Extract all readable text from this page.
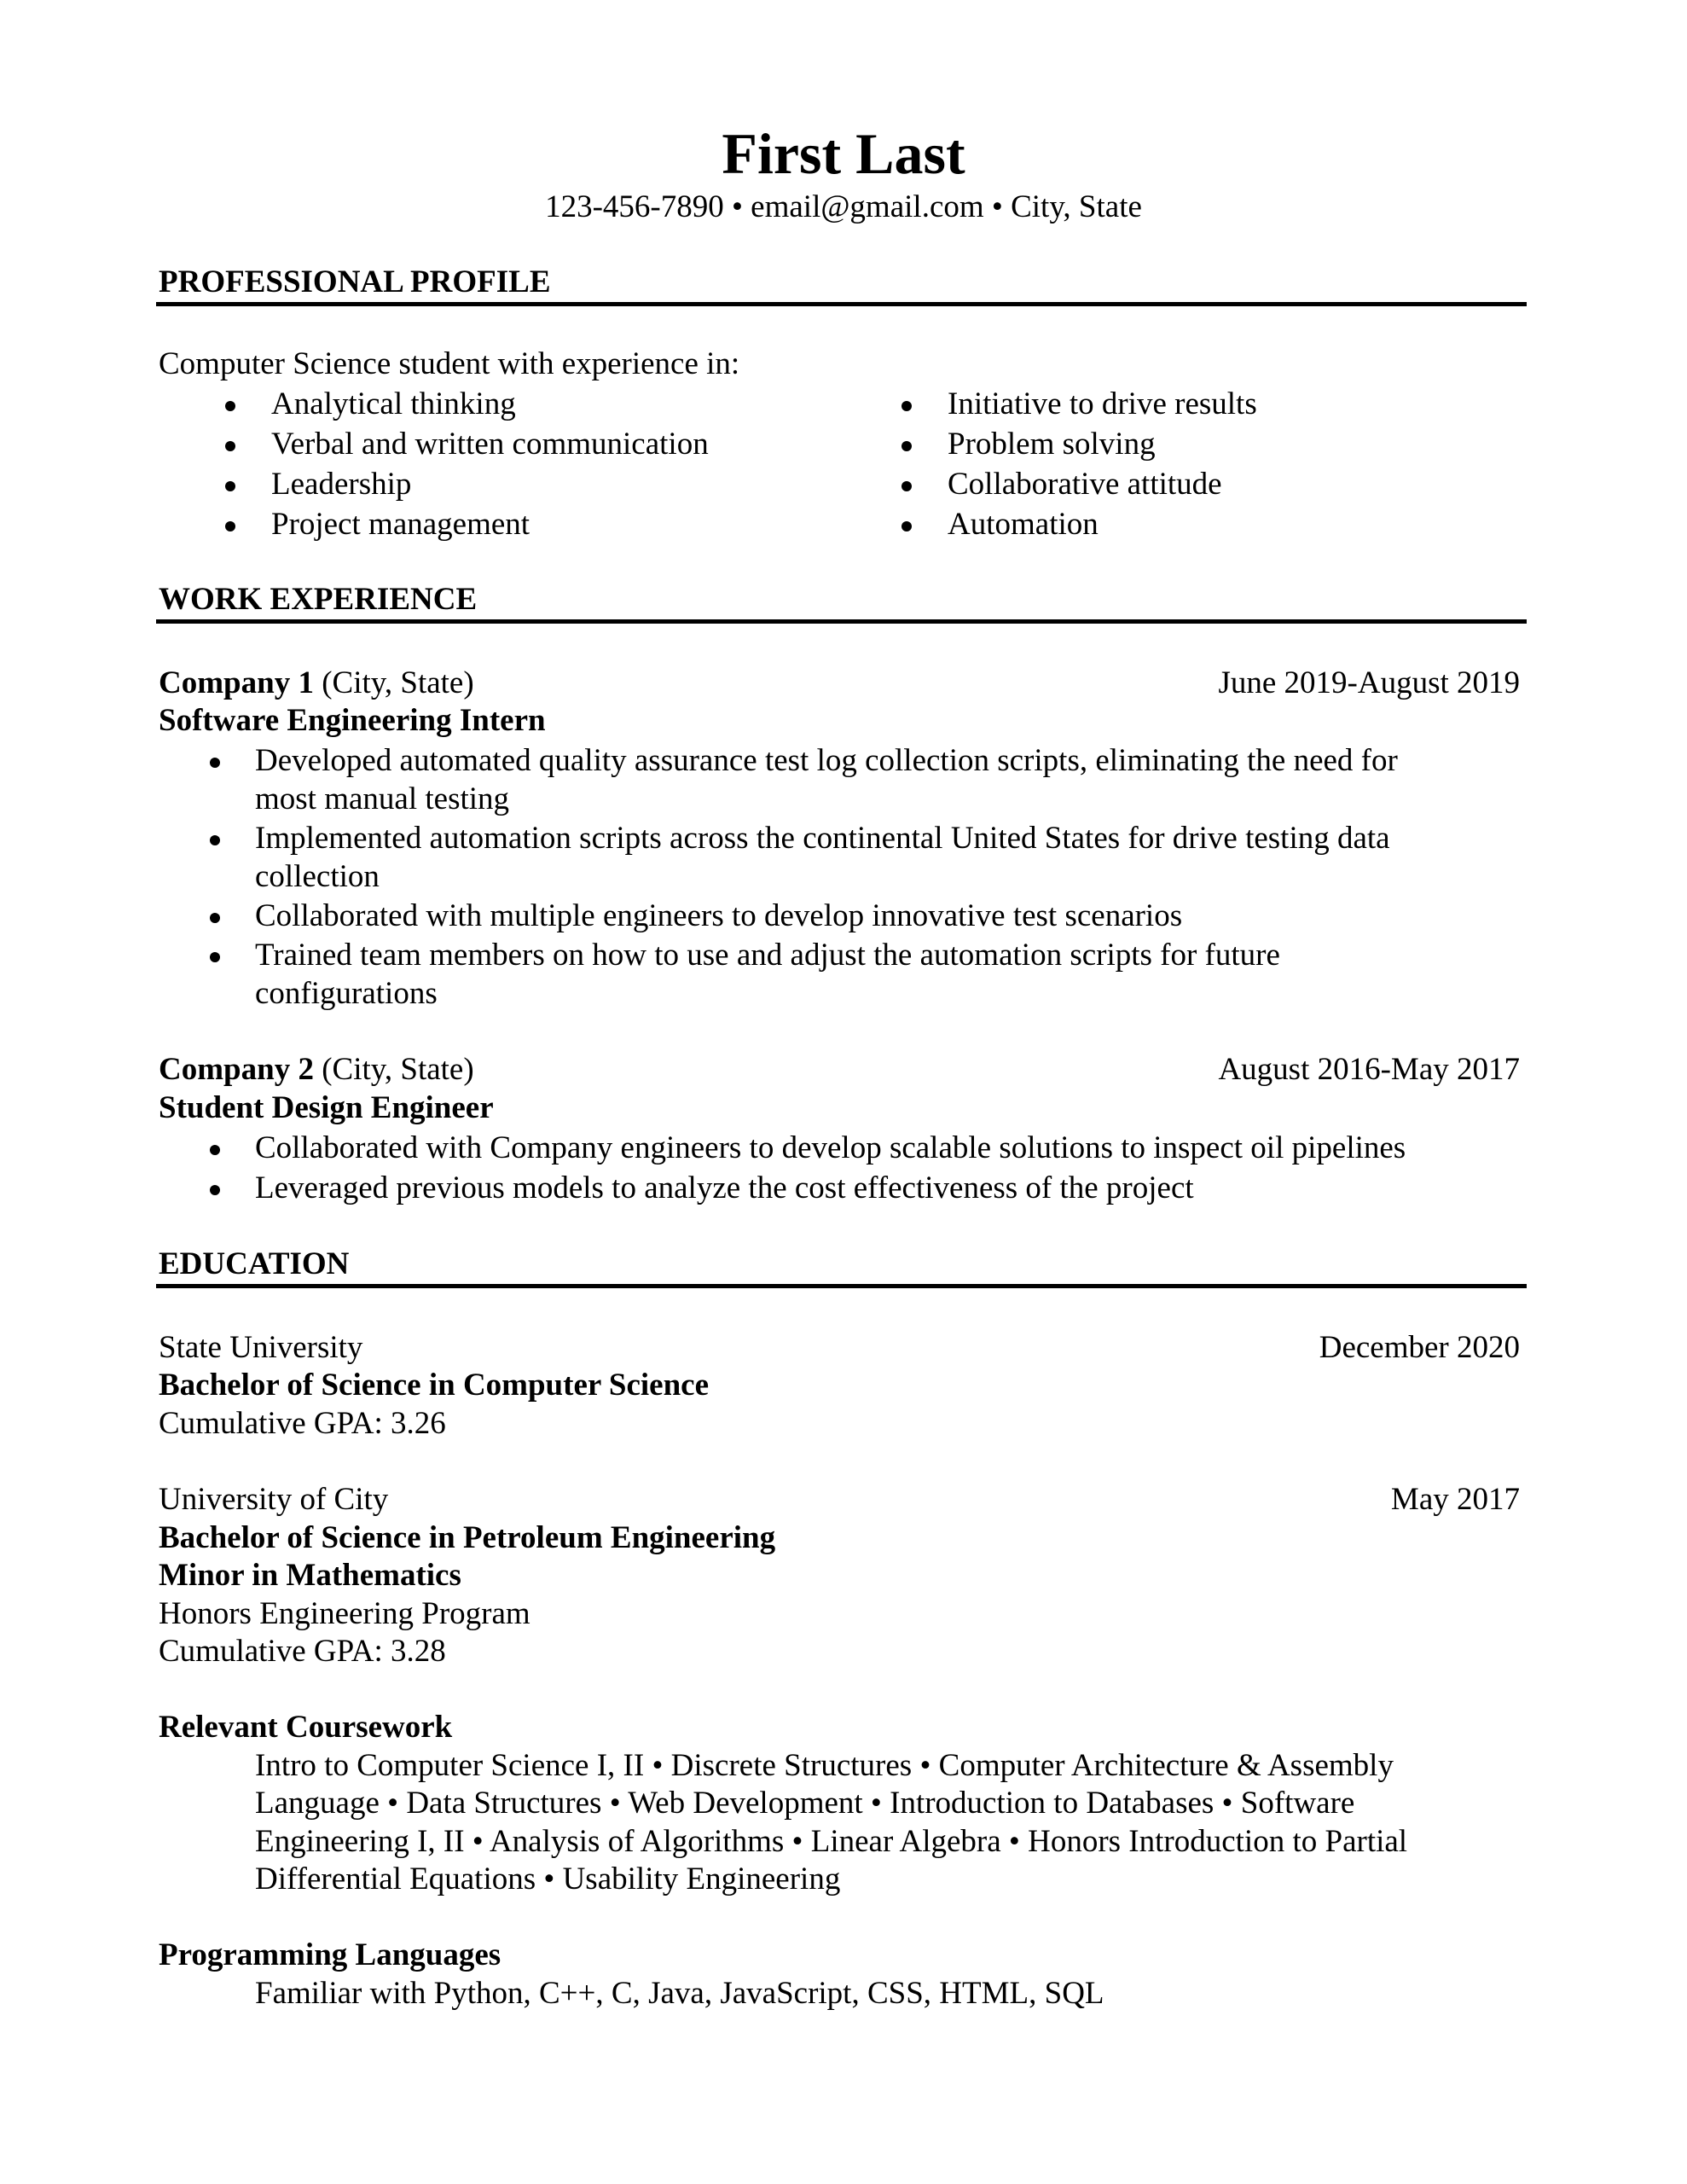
First Last
123-456-7890 • email@gmail.com • City, State
PROFESSIONAL PROFILE
Computer Science student with experience in:
Analytical thinking
Verbal and written communication
Leadership
Project management
Initiative to drive results
Problem solving
Collaborative attitude
Automation
WORK EXPERIENCE
Company 1 (City, State)	June 2019-August 2019
Software Engineering Intern
Developed automated quality assurance test log collection scripts, eliminating the need for
most manual testing
Implemented automation scripts across the continental United States for drive testing data
collection
Collaborated with multiple engineers to develop innovative test scenarios
Trained team members on how to use and adjust the automation scripts for future
configurations
Company 2 (City, State)	August 2016-May 2017
Student Design Engineer
Collaborated with Company engineers to develop scalable solutions to inspect oil pipelines
Leveraged previous models to analyze the cost effectiveness of the project
EDUCATION
State University	December 2020
Bachelor of Science in Computer Science
Cumulative GPA: 3.26
University of City	May 2017
Bachelor of Science in Petroleum Engineering
Minor in Mathematics
Honors Engineering Program
Cumulative GPA: 3.28
Relevant Coursework
Intro to Computer Science I, II • Discrete Structures • Computer Architecture & Assembly
Language • Data Structures • Web Development • Introduction to Databases • Software
Engineering I, II • Analysis of Algorithms • Linear Algebra • Honors Introduction to Partial
Differential Equations • Usability Engineering
Programming Languages
Familiar with Python, C++, C, Java, JavaScript, CSS, HTML, SQL
